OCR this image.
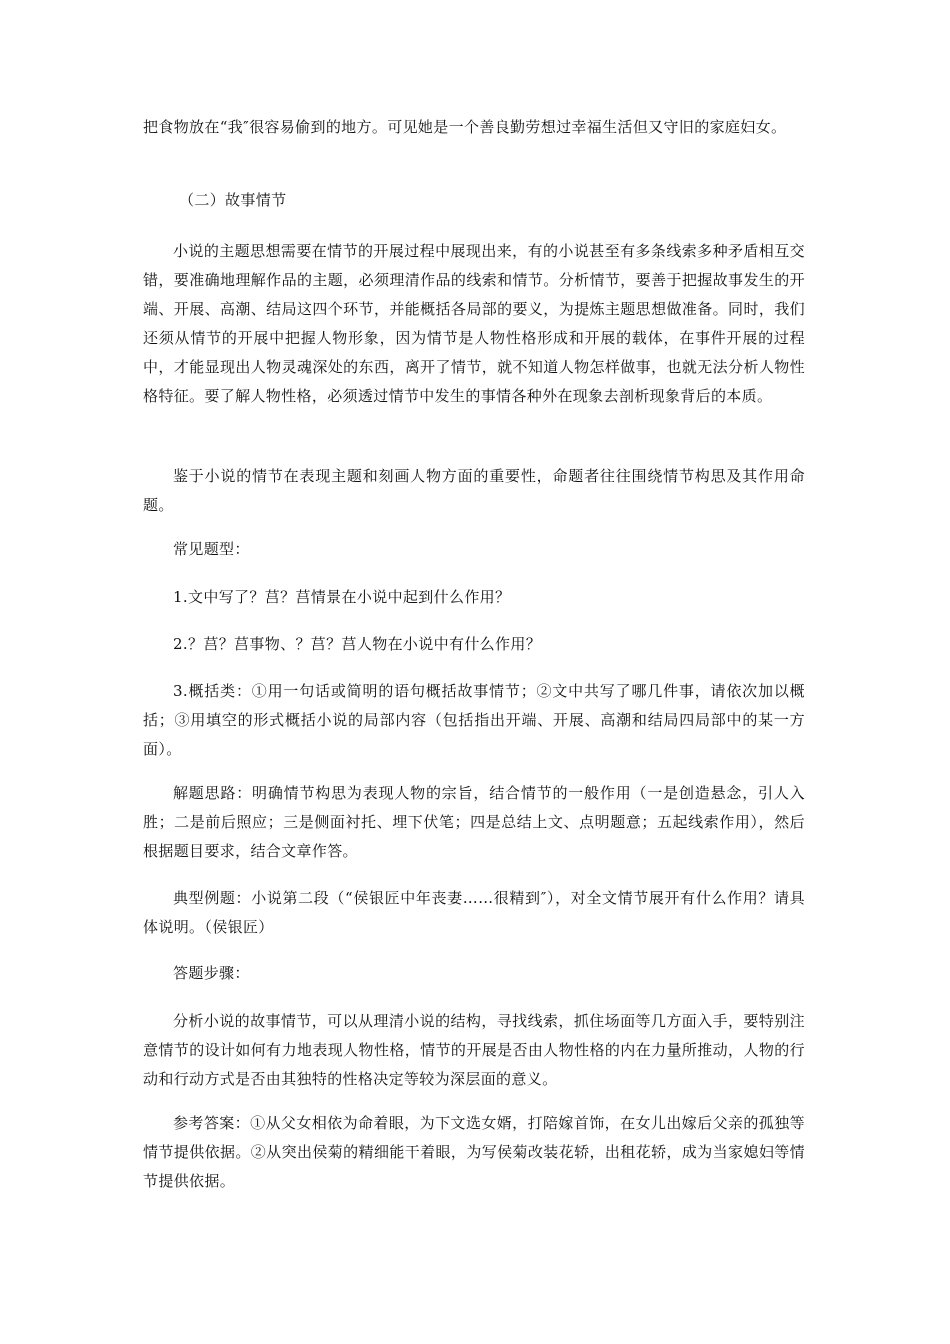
把食物放在“我″很容易偷到的地方。可见她是一个善良勤劳想过幸福生活但又守旧的家庭妇女。

（二）故事情节

小说的主题思想需要在情节的开展过程中展现出来，有的小说甚至有多条线索多种矛盾相互交错，要准确地理解作品的主题，必须理清作品的线索和情节。分析情节，要善于把握故事发生的开端、开展、高潮、结局这四个环节，并能概括各局部的要义，为提炼主题思想做准备。同时，我们还须从情节的开展中把握人物形象，因为情节是人物性格形成和开展的载体，在事件开展的过程中，才能显现出人物灵魂深处的东西，离开了情节，就不知道人物怎样做事，也就无法分析人物性格特征。要了解人物性格，必须透过情节中发生的事情各种外在现象去剖析现象背后的本质。

鉴于小说的情节在表现主题和刻画人物方面的重要性，命题者往往围绕情节构思及其作用命题。

常见题型：

1.文中写了？莒？莒情景在小说中起到什么作用？

2.？莒？莒事物、？莒？莒人物在小说中有什么作用？

3.概括类：①用一句话或简明的语句概括故事情节；②文中共写了哪几件事，请依次加以概括；③用填空的形式概括小说的局部内容（包括指出开端、开展、高潮和结局四局部中的某一方面）。

解题思路：明确情节构思为表现人物的宗旨，结合情节的一般作用（一是创造悬念，引人入胜；二是前后照应；三是侧面衬托、埋下伏笔；四是总结上文、点明题意；五起线索作用），然后根据题目要求，结合文章作答。

典型例题：小说第二段（“侯银匠中年丧妻……很精到″），对全文情节展开有什么作用？请具体说明。（侯银匠）

答题步骤：

分析小说的故事情节，可以从理清小说的结构，寻找线索，抓住场面等几方面入手，要特别注意情节的设计如何有力地表现人物性格，情节的开展是否由人物性格的内在力量所推动，人物的行动和行动方式是否由其独特的性格决定等较为深层面的意义。

参考答案：①从父女相依为命着眼，为下文选女婿，打陪嫁首饰，在女儿出嫁后父亲的孤独等情节提供依据。②从突出侯菊的精细能干着眼，为写侯菊改装花轿，出租花轿，成为当家媳妇等情节提供依据。
